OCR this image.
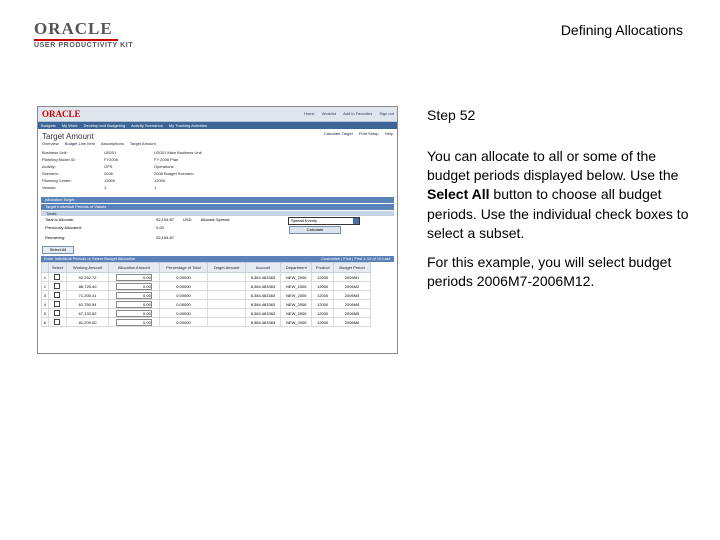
ORACLE
USER PRODUCTIVITY KIT
Defining Allocations
ORACLE	Home Worklist Add to Favorites Sign out
Budgets My Work Develop and Budgeting Activity Scenarios My Tracking Activities
Target Amount
Overview Budget Line Item Assumptions Target Amount
Calculate Target Print Setup Help
Business Unit:	US001	US001 Main Business Unit
Planning Model ID:	FY2006	FY 2006 Plan
Activity:	OPS	Operations
Scenario:	2006	2006 Budget Scenario
Planning Center:	12000	12000
Version:	1	1
Allocation Target
Target Individual Periods of Values
Totals
Total to Allocate:	92,154.87 USD Allocate Spread:	Spread Evenly
Previously Allocated:	0.00	Calculate
Remaining:	92,154.87
Select All
Enter Individual Periods or Select Budget Allocation	Customize | Find | First 1-12 of 12 Last
	Select	Working Amount	Allocation Amount	Percentage of Total	Target Amount	Account	Department	Product	Budget Period
1		92,252.72	0.00	0.00000		8,384.483363	NEW_2006	12000	2006M1
2		86,725.40	0.00	0.00000		8,384.483363	NEW_2006	12000	2006M2
3		71,200.41	0.00	0.00000		8,384.483363	NEW_2006	12000	2006M3
4		61,750.54	0.00	0.00000		8,384.483363	NEW_2006	12000	2006M4
5		67,133.52	0.00	0.00000		8,384.483363	NEW_2006	12000	2006M5
6		81,209.00	0.00	0.00000		8,384.483363	NEW_2006	12000	2006M6
Step 52

You can allocate to all or some of the budget periods displayed below. Use the Select All button to choose all budget periods. Use the individual check boxes to select a subset.

For this example, you will select budget periods 2006M7-2006M12.
